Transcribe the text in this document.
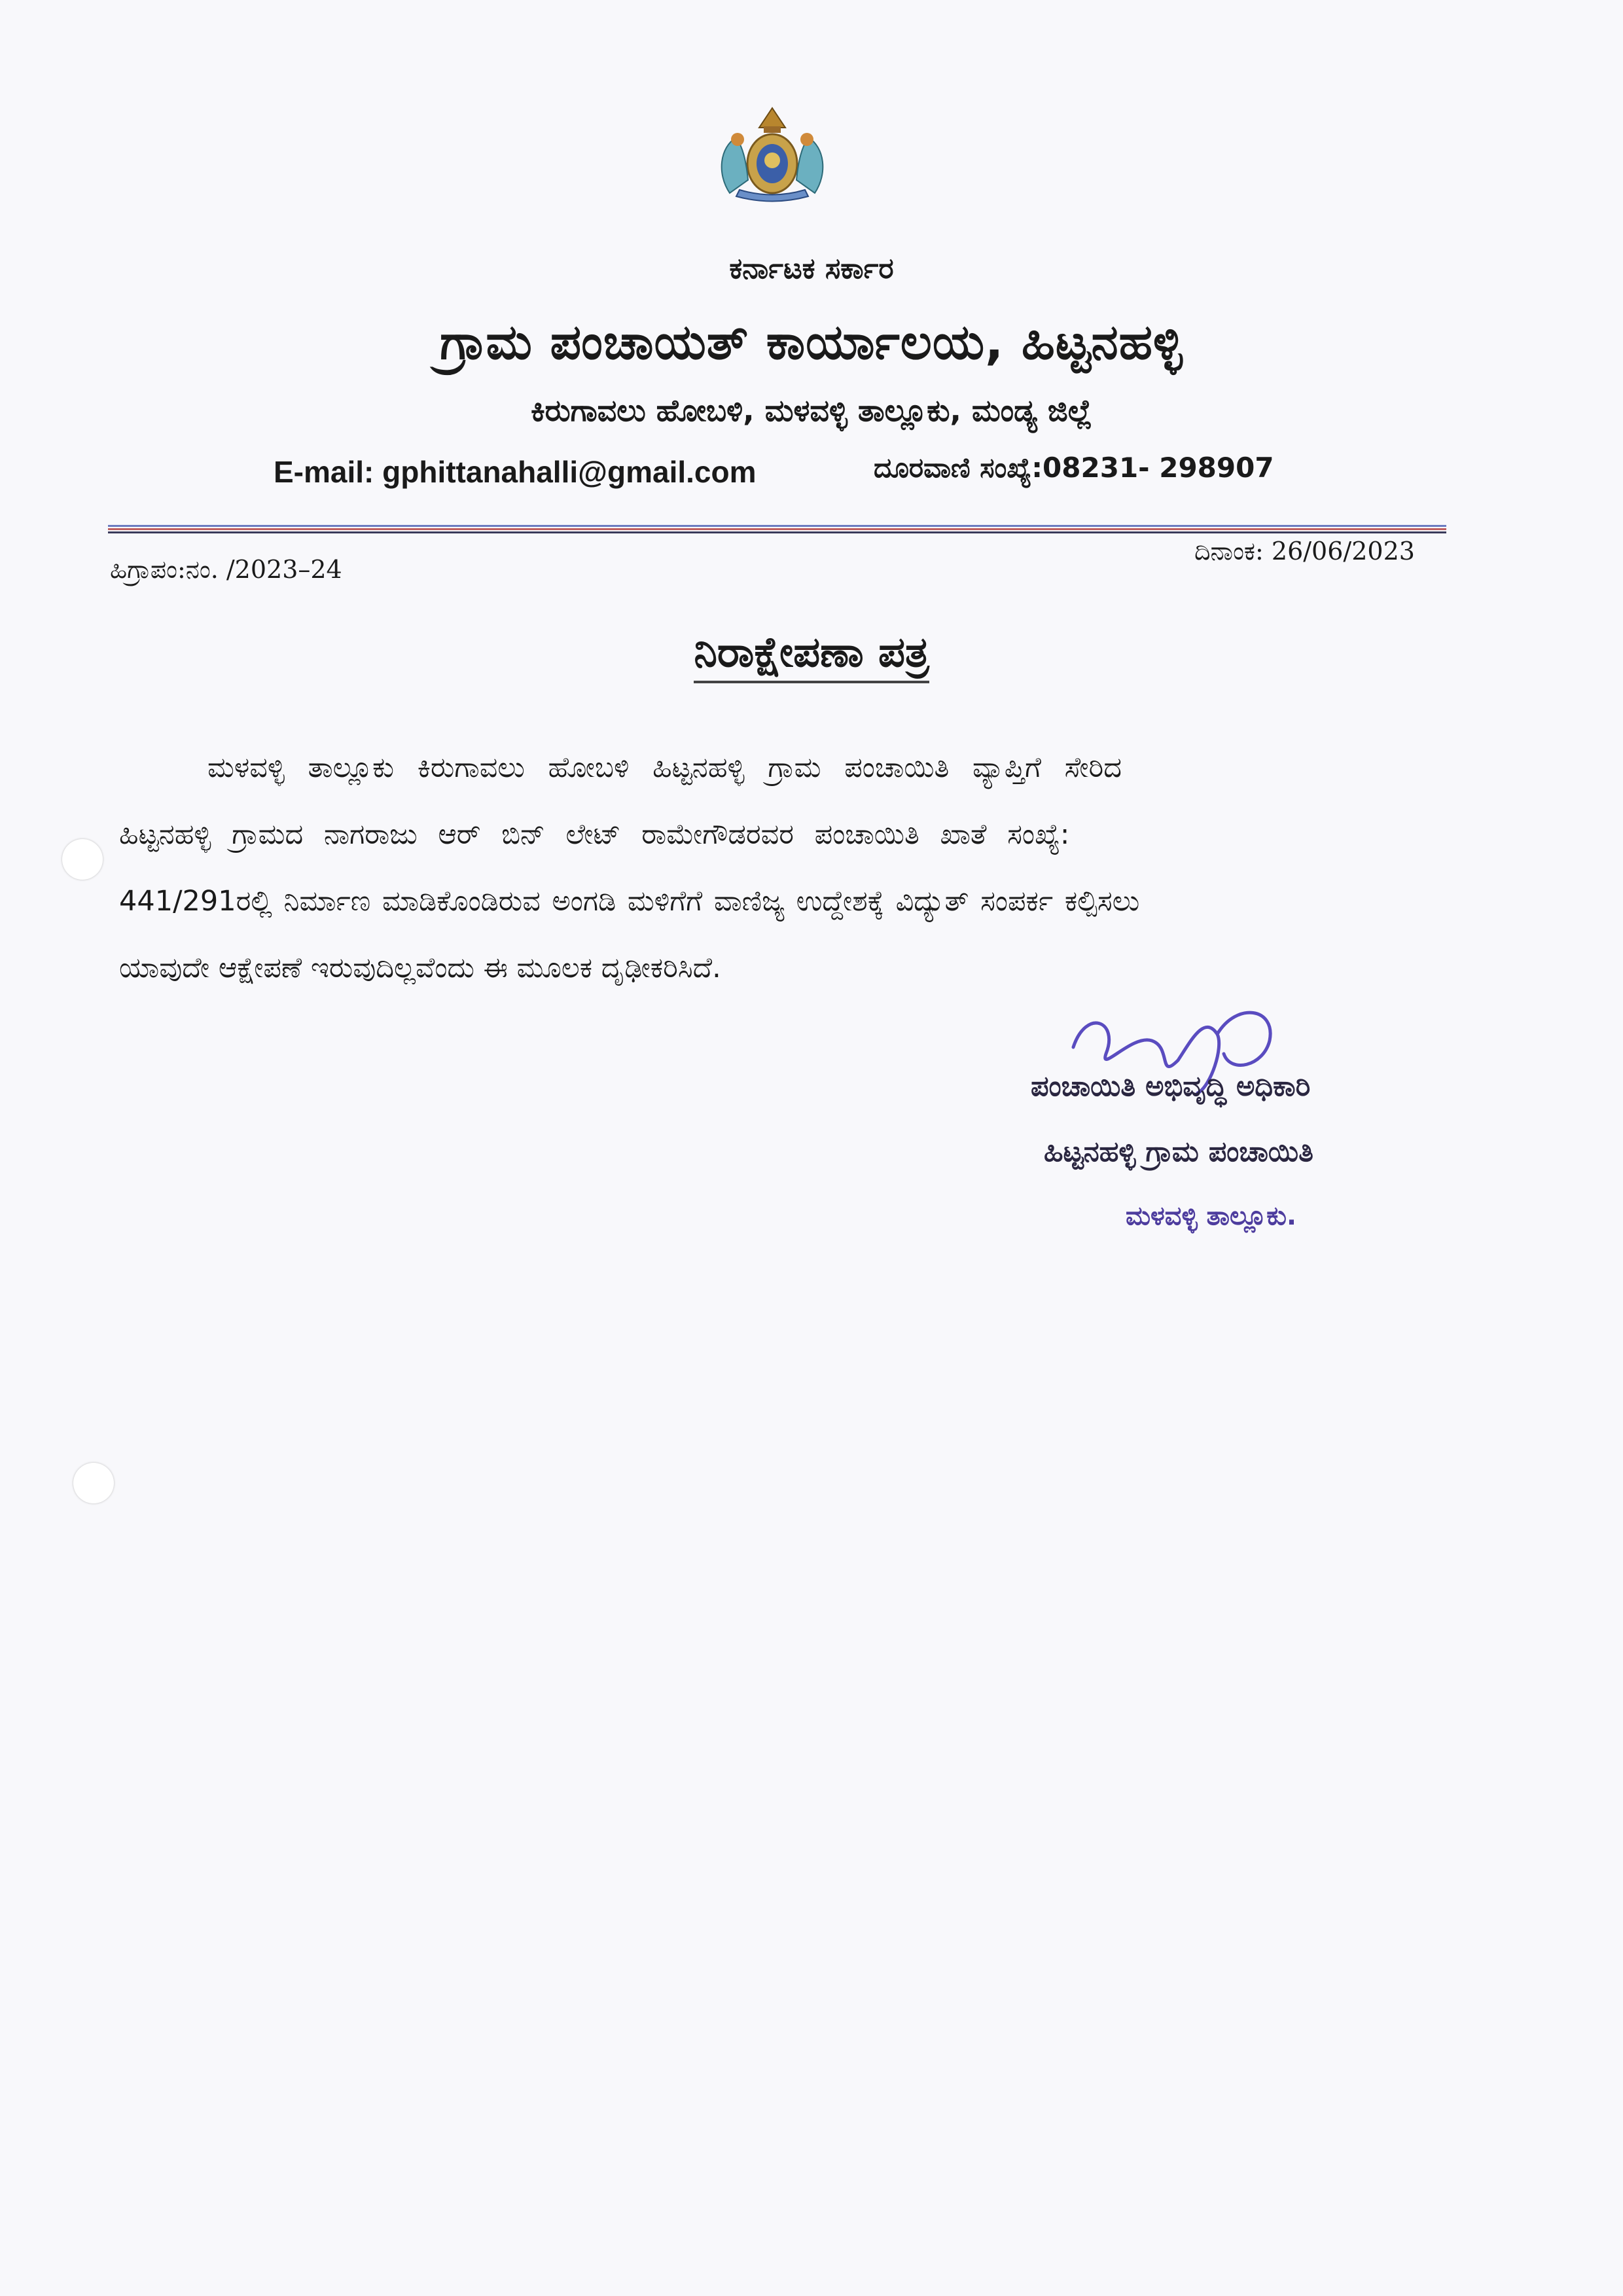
ಕರ್ನಾಟಕ ಸರ್ಕಾರ
ಗ್ರಾಮ ಪಂಚಾಯತ್ ಕಾರ್ಯಾಲಯ, ಹಿಟ್ಟನಹಳ್ಳಿ
ಕಿರುಗಾವಲು ಹೋಬಳಿ, ಮಳವಳ್ಳಿ ತಾಲ್ಲೂಕು, ಮಂಡ್ಯ ಜಿಲ್ಲೆ
E-mail: gphittanahalli@gmail.com	ದೂರವಾಣಿ ಸಂಖ್ಯೆ:08231- 298907
ಹಿಗ್ರಾಪಂ:ನಂ. /2023–24
ದಿನಾಂಕ: 26/06/2023
ನಿರಾಕ್ಷೇಪಣಾ ಪತ್ರ
ಮಳವಳ್ಳಿ ತಾಲ್ಲೂಕು ಕಿರುಗಾವಲು ಹೋಬಳಿ ಹಿಟ್ಟನಹಳ್ಳಿ ಗ್ರಾಮ ಪಂಚಾಯಿತಿ ವ್ಯಾಪ್ತಿಗೆ ಸೇರಿದ
ಹಿಟ್ಟನಹಳ್ಳಿ ಗ್ರಾಮದ ನಾಗರಾಜು ಆರ್ ಬಿನ್ ಲೇಟ್ ರಾಮೇಗೌಡರವರ ಪಂಚಾಯಿತಿ ಖಾತೆ ಸಂಖ್ಯೆ:
441/291ರಲ್ಲಿ ನಿರ್ಮಾಣ ಮಾಡಿಕೊಂಡಿರುವ ಅಂಗಡಿ ಮಳಿಗೆಗೆ ವಾಣಿಜ್ಯ ಉದ್ದೇಶಕ್ಕೆ ವಿದ್ಯುತ್ ಸಂಪರ್ಕ ಕಲ್ಪಿಸಲು
ಯಾವುದೇ ಆಕ್ಷೇಪಣೆ ಇರುವುದಿಲ್ಲವೆಂದು ಈ ಮೂಲಕ ದೃಢೀಕರಿಸಿದೆ.
ಪಂಚಾಯಿತಿ ಅಭಿವೃದ್ಧಿ ಅಧಿಕಾರಿ
ಹಿಟ್ಟನಹಳ್ಳಿ ಗ್ರಾಮ ಪಂಚಾಯಿತಿ
ಮಳವಳ್ಳಿ ತಾಲ್ಲೂಕು.
